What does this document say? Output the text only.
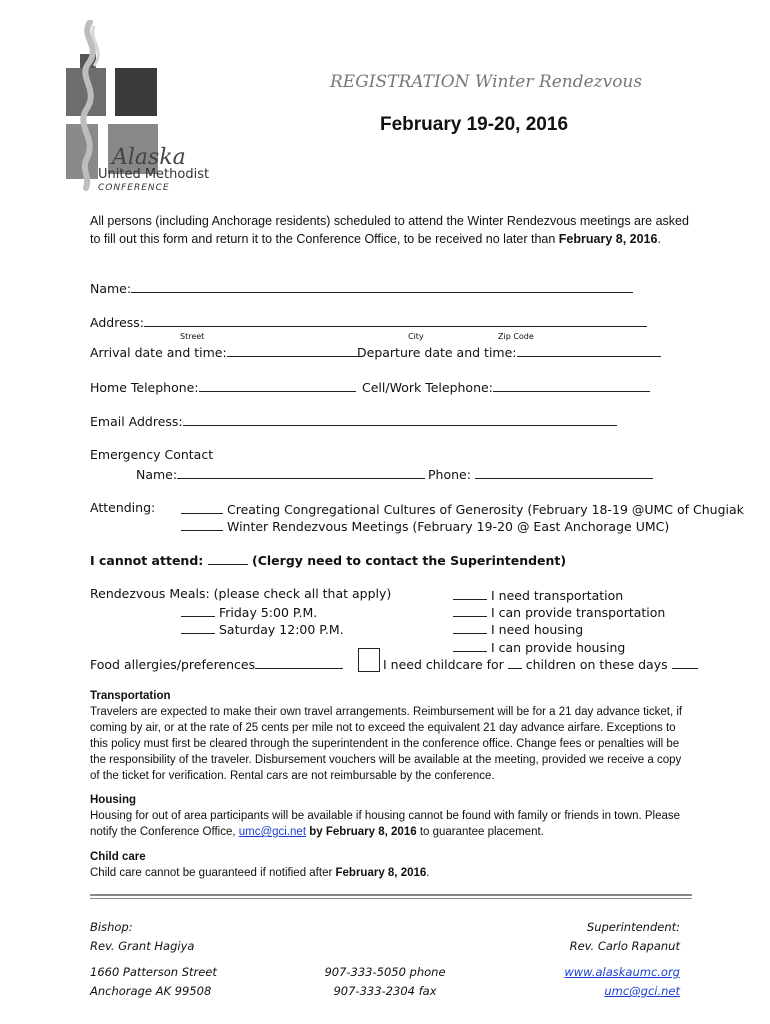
Alaska
United Methodist
CONFERENCE
REGISTRATION Winter Rendezvous
February 19-20, 2016
All persons (including Anchorage residents) scheduled to attend the Winter Rendezvous meetings are asked to fill out this form and return it to the Conference Office, to be received no later than February 8, 2016.
Name:
Address:
Street	City	Zip Code
Arrival date and time:	Departure date and time:
Home Telephone:	Cell/Work Telephone:
Email Address:
Emergency Contact
Name:	Phone:
Attending:	Creating Congregational Cultures of Generosity (February 18-19 @UMC of Chugiak
Winter Rendezvous Meetings (February 19-20 @ East Anchorage UMC)
I cannot attend:	(Clergy need to contact the Superintendent)
Rendezvous Meals: (please check all that apply)
Friday 5:00 P.M.
Saturday 12:00 P.M.
I need transportation
I can provide transportation
I need housing
I can provide housing
Food allergies/preferences	I need childcare for children on these days
Transportation
Travelers are expected to make their own travel arrangements. Reimbursement will be for a 21 day advance ticket, if coming by air, or at the rate of 25 cents per mile not to exceed the equivalent 21 day advance airfare. Exceptions to this policy must first be cleared through the superintendent in the conference office. Change fees or penalties will be the responsibility of the traveler. Disbursement vouchers will be available at the meeting, provided we receive a copy of the ticket for verification. Rental cars are not reimbursable by the conference.
Housing
Housing for out of area participants will be available if housing cannot be found with family or friends in town. Please notify the Conference Office, umc@gci.net by February 8, 2016 to guarantee placement.
Child care
Child care cannot be guaranteed if notified after February 8, 2016.
Bishop:
Rev. Grant Hagiya
Superintendent:
Rev. Carlo Rapanut
1660 Patterson Street
Anchorage AK 99508
907-333-5050 phone
907-333-2304 fax
www.alaskaumc.org
umc@gci.net
